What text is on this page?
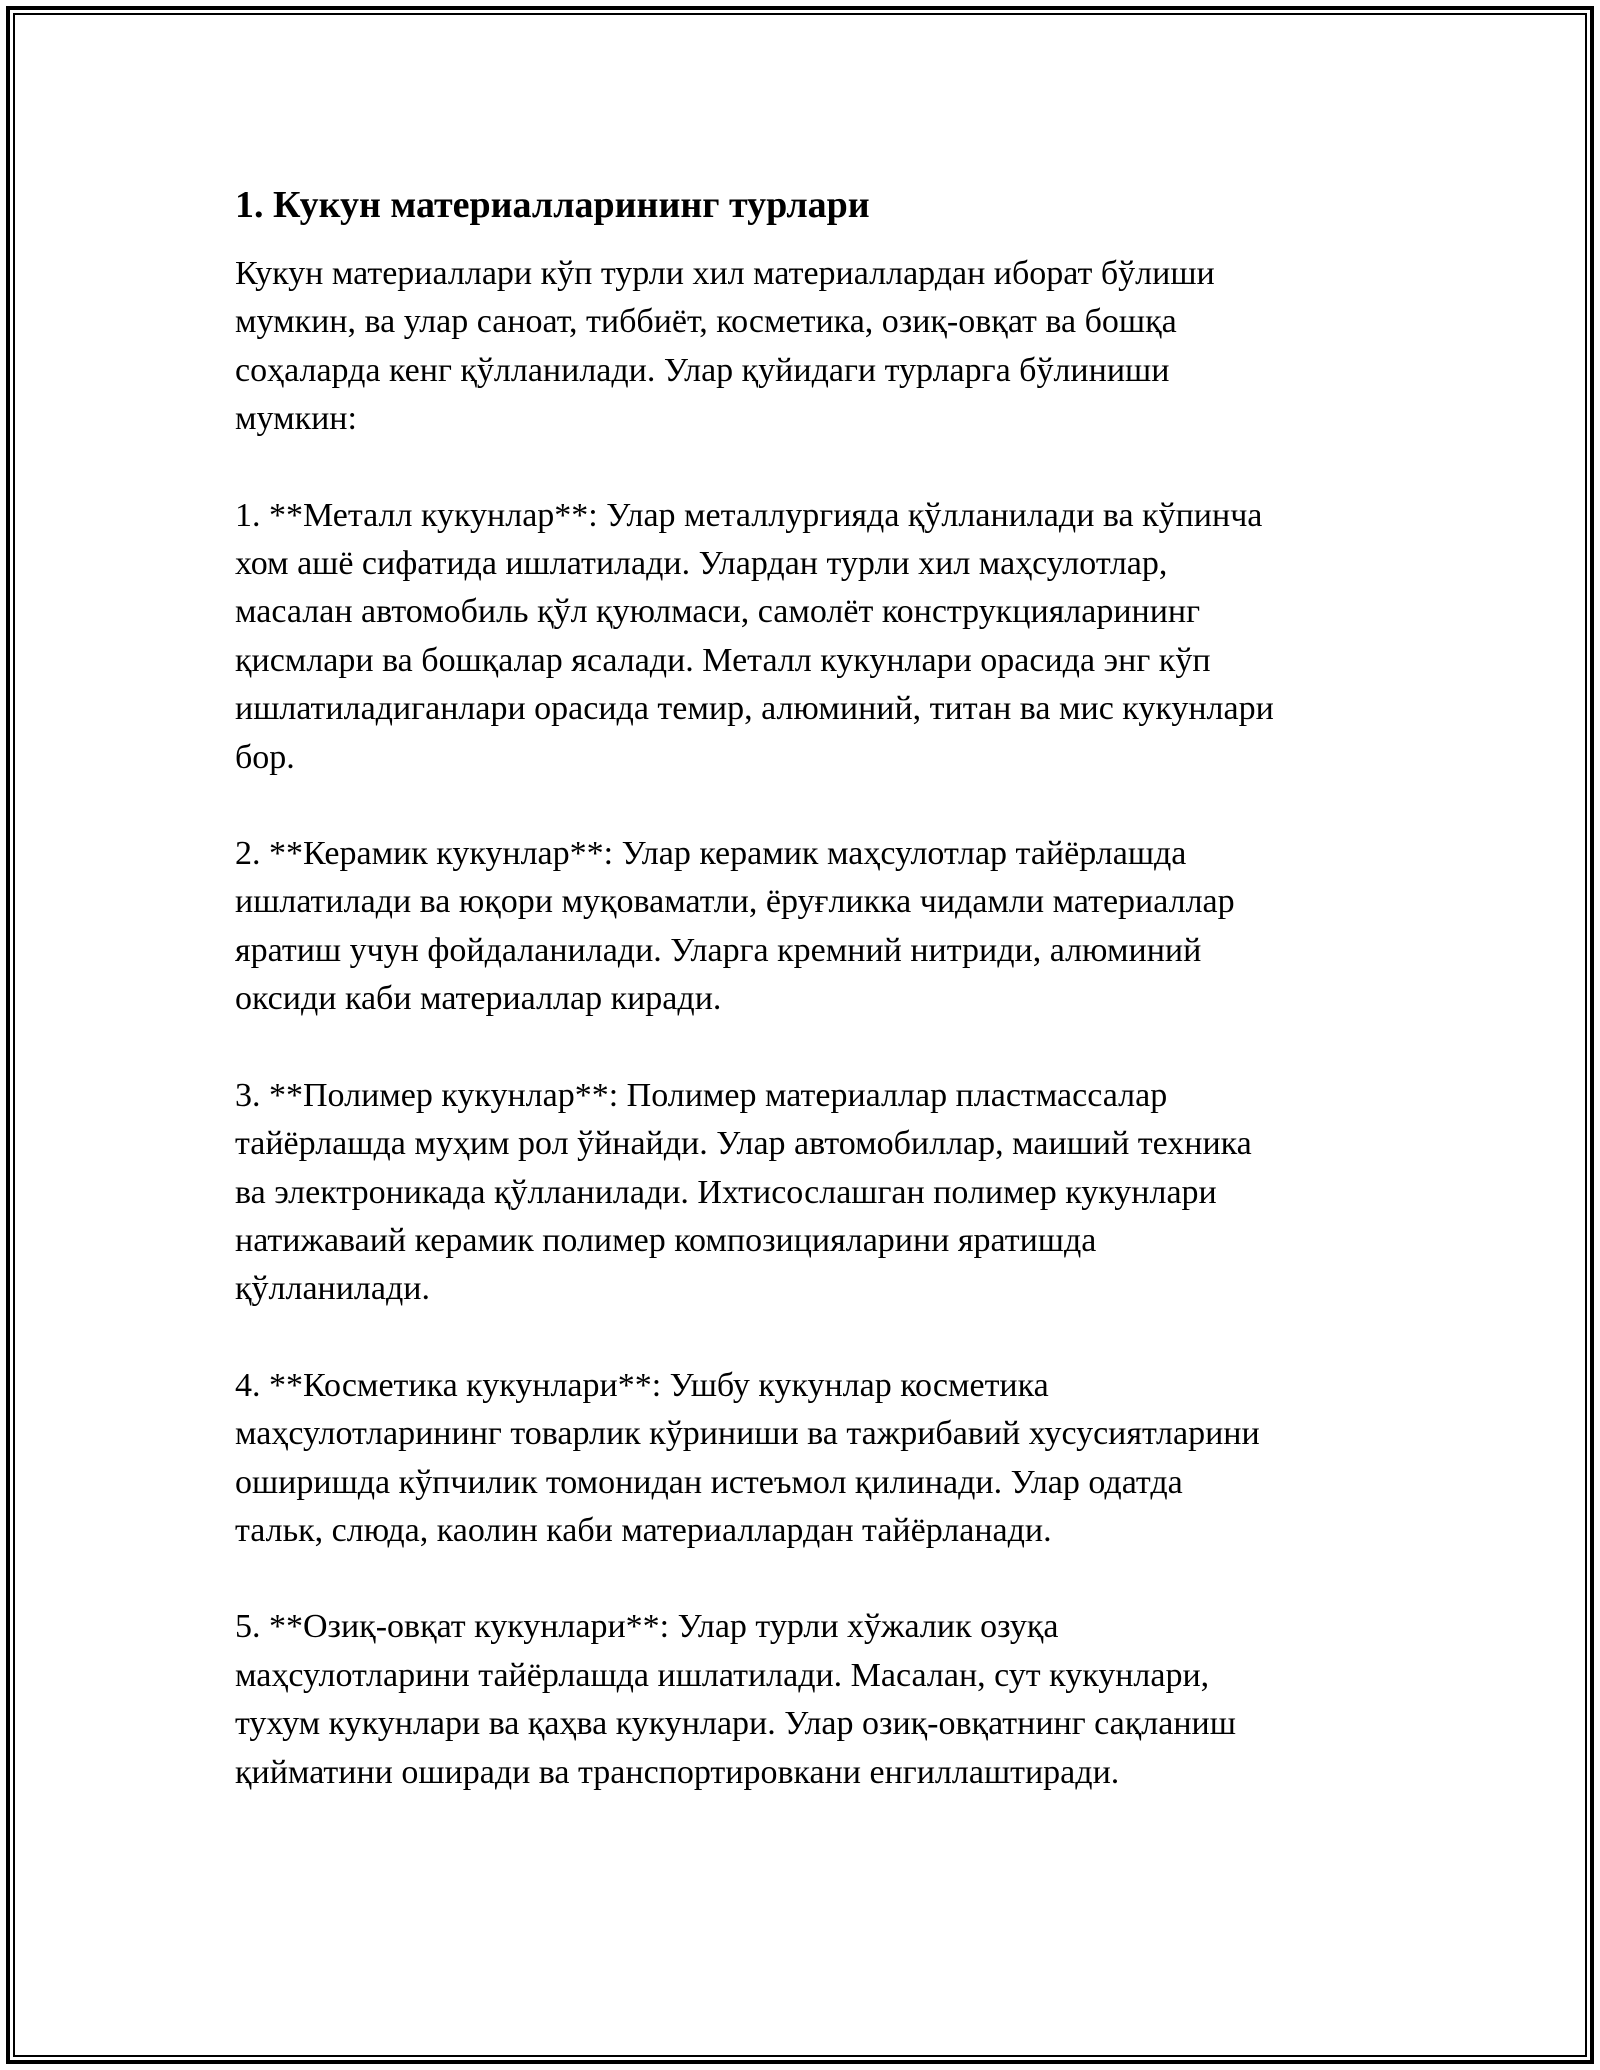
1. Кукун материалларининг турлари

Кукун материаллари кўп турли хил материаллардан иборат бўлиши
мумкин, ва улар саноат, тиббиёт, косметика, озиқ-овқат ва бошқа
соҳаларда кенг қўлланилади. Улар қуйидаги турларга бўлиниши
мумкин:

1. **Металл кукунлар**: Улар металлургияда қўлланилади ва кўпинча
хом ашё сифатида ишлатилади. Улардан турли хил маҳсулотлар,
масалан автомобиль қўл қуюлмаси, самолёт конструкцияларининг
қисмлари ва бошқалар ясалади. Металл кукунлари орасида энг кўп
ишлатиладиганлари орасида темир, алюминий, титан ва мис кукунлари
бор.

2. **Керамик кукунлар**: Улар керамик маҳсулотлар тайёрлашда
ишлатилади ва юқори муқоваматли, ёруғликка чидамли материаллар
яратиш учун фойдаланилади. Уларга кремний нитриди, алюминий
оксиди каби материаллар киради.

3. **Полимер кукунлар**: Полимер материаллар пластмассалар
тайёрлашда муҳим рол ўйнайди. Улар автомобиллар, маиший техника
ва электроникада қўлланилади. Ихтисослашган полимер кукунлари
натижаваий керамик полимер композицияларини яратишда
қўлланилади.

4. **Косметика кукунлари**: Ушбу кукунлар косметика
маҳсулотларининг товарлик кўриниши ва тажрибавий хусусиятларини
оширишда кўпчилик томонидан истеъмол қилинади. Улар одатда
тальк, слюда, каолин каби материаллардан тайёрланади.

5. **Озиқ-овқат кукунлари**: Улар турли хўжалик озуқа
маҳсулотларини тайёрлашда ишлатилади. Масалан, сут кукунлари,
тухум кукунлари ва қаҳва кукунлари. Улар озиқ-овқатнинг сақланиш
қийматини оширади ва транспортировкани енгиллаштиради.
